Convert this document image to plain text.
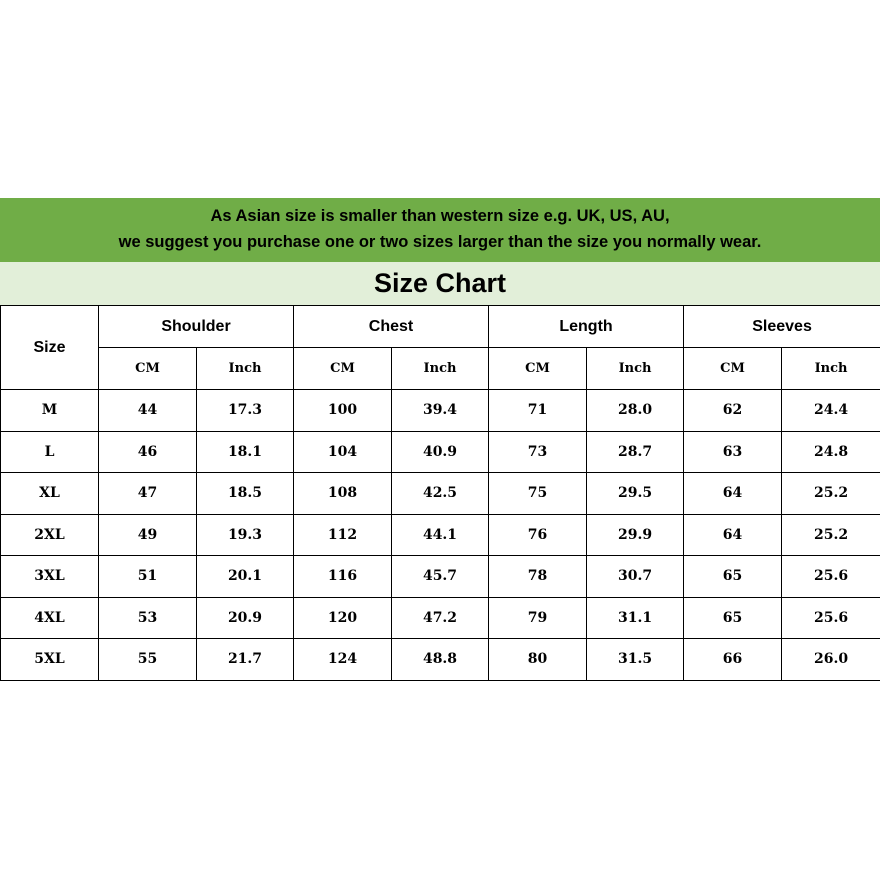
As Asian size is smaller than western size e.g. UK, US, AU,
we suggest you purchase one or two sizes larger than the size you normally wear.
Size Chart
Size	Shoulder		Chest		Length		Sleeves	
	CM	Inch	CM	Inch	CM	Inch	CM	Inch
M	44	17.3	100	39.4	71	28.0	62	24.4
L	46	18.1	104	40.9	73	28.7	63	24.8
XL	47	18.5	108	42.5	75	29.5	64	25.2
2XL	49	19.3	112	44.1	76	29.9	64	25.2
3XL	51	20.1	116	45.7	78	30.7	65	25.6
4XL	53	20.9	120	47.2	79	31.1	65	25.6
5XL	55	21.7	124	48.8	80	31.5	66	26.0
